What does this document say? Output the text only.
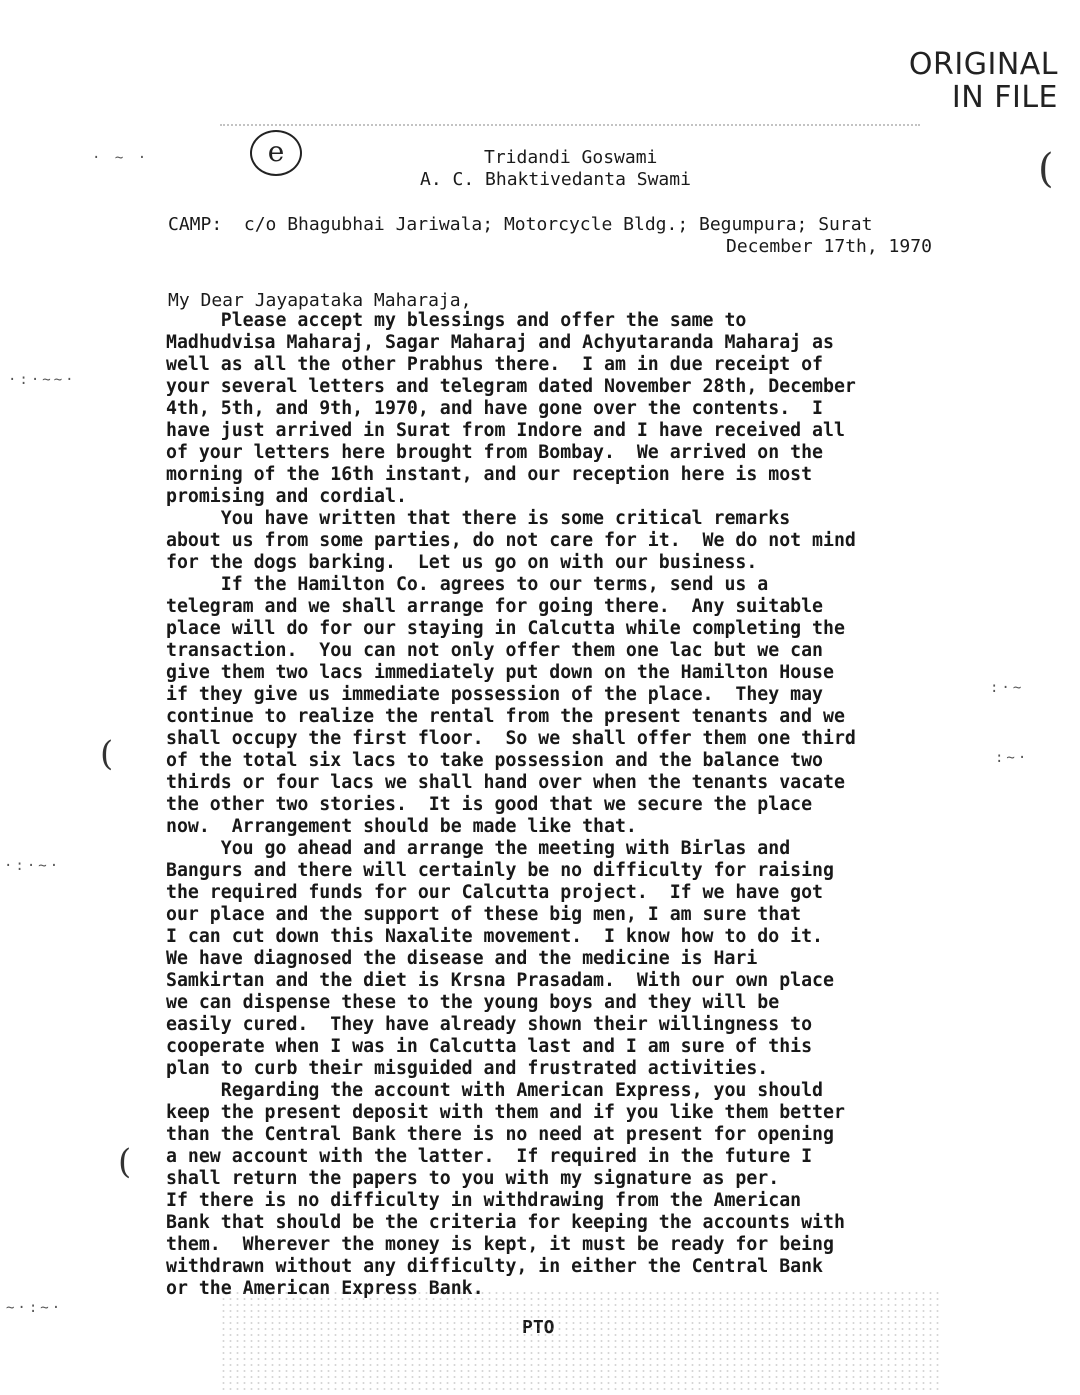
ORIGINAL
IN FILE
e	Tridandi Goswami
A. C. Bhaktivedanta Swami
CAMP:  c/o Bhagubhai Jariwala; Motorcycle Bldg.; Begumpura; Surat
December 17th, 1970
My Dear Jayapataka Maharaja,
Please accept my blessings and offer the same to
Madhudvisa Maharaj, Sagar Maharaj and Achyutaranda Maharaj as
well as all the other Prabhus there.  I am in due receipt of
your several letters and telegram dated November 28th, December
4th, 5th, and 9th, 1970, and have gone over the contents.  I
have just arrived in Surat from Indore and I have received all
of your letters here brought from Bombay.  We arrived on the
morning of the 16th instant, and our reception here is most
promising and cordial.
You have written that there is some critical remarks
about us from some parties, do not care for it.  We do not mind
for the dogs barking.  Let us go on with our business.
If the Hamilton Co. agrees to our terms, send us a
telegram and we shall arrange for going there.  Any suitable
place will do for our staying in Calcutta while completing the
transaction.  You can not only offer them one lac but we can
give them two lacs immediately put down on the Hamilton House
if they give us immediate possession of the place.  They may
continue to realize the rental from the present tenants and we
shall occupy the first floor.  So we shall offer them one third
of the total six lacs to take possession and the balance two
thirds or four lacs we shall hand over when the tenants vacate
the other two stories.  It is good that we secure the place
now.  Arrangement should be made like that.
You go ahead and arrange the meeting with Birlas and
Bangurs and there will certainly be no difficulty for raising
the required funds for our Calcutta project.  If we have got
our place and the support of these big men, I am sure that
I can cut down this Naxalite movement.  I know how to do it.
We have diagnosed the disease and the medicine is Hari
Samkirtan and the diet is Krsna Prasadam.  With our own place
we can dispense these to the young boys and they will be
easily cured.  They have already shown their willingness to
cooperate when I was in Calcutta last and I am sure of this
plan to curb their misguided and frustrated activities.
Regarding the account with American Express, you should
keep the present deposit with them and if you like them better
than the Central Bank there is no need at present for opening
a new account with the latter.  If required in the future I
shall return the papers to you with my signature as per.
If there is no difficulty in withdrawing from the American
Bank that should be the criteria for keeping the accounts with
them.  Wherever the money is kept, it must be ready for being
withdrawn without any difficulty, in either the Central Bank
or the American Express Bank.
PTO
(
(
(
· ~ ·
·:·~~·
·:·~·
~·:~·
:·~
:~·
